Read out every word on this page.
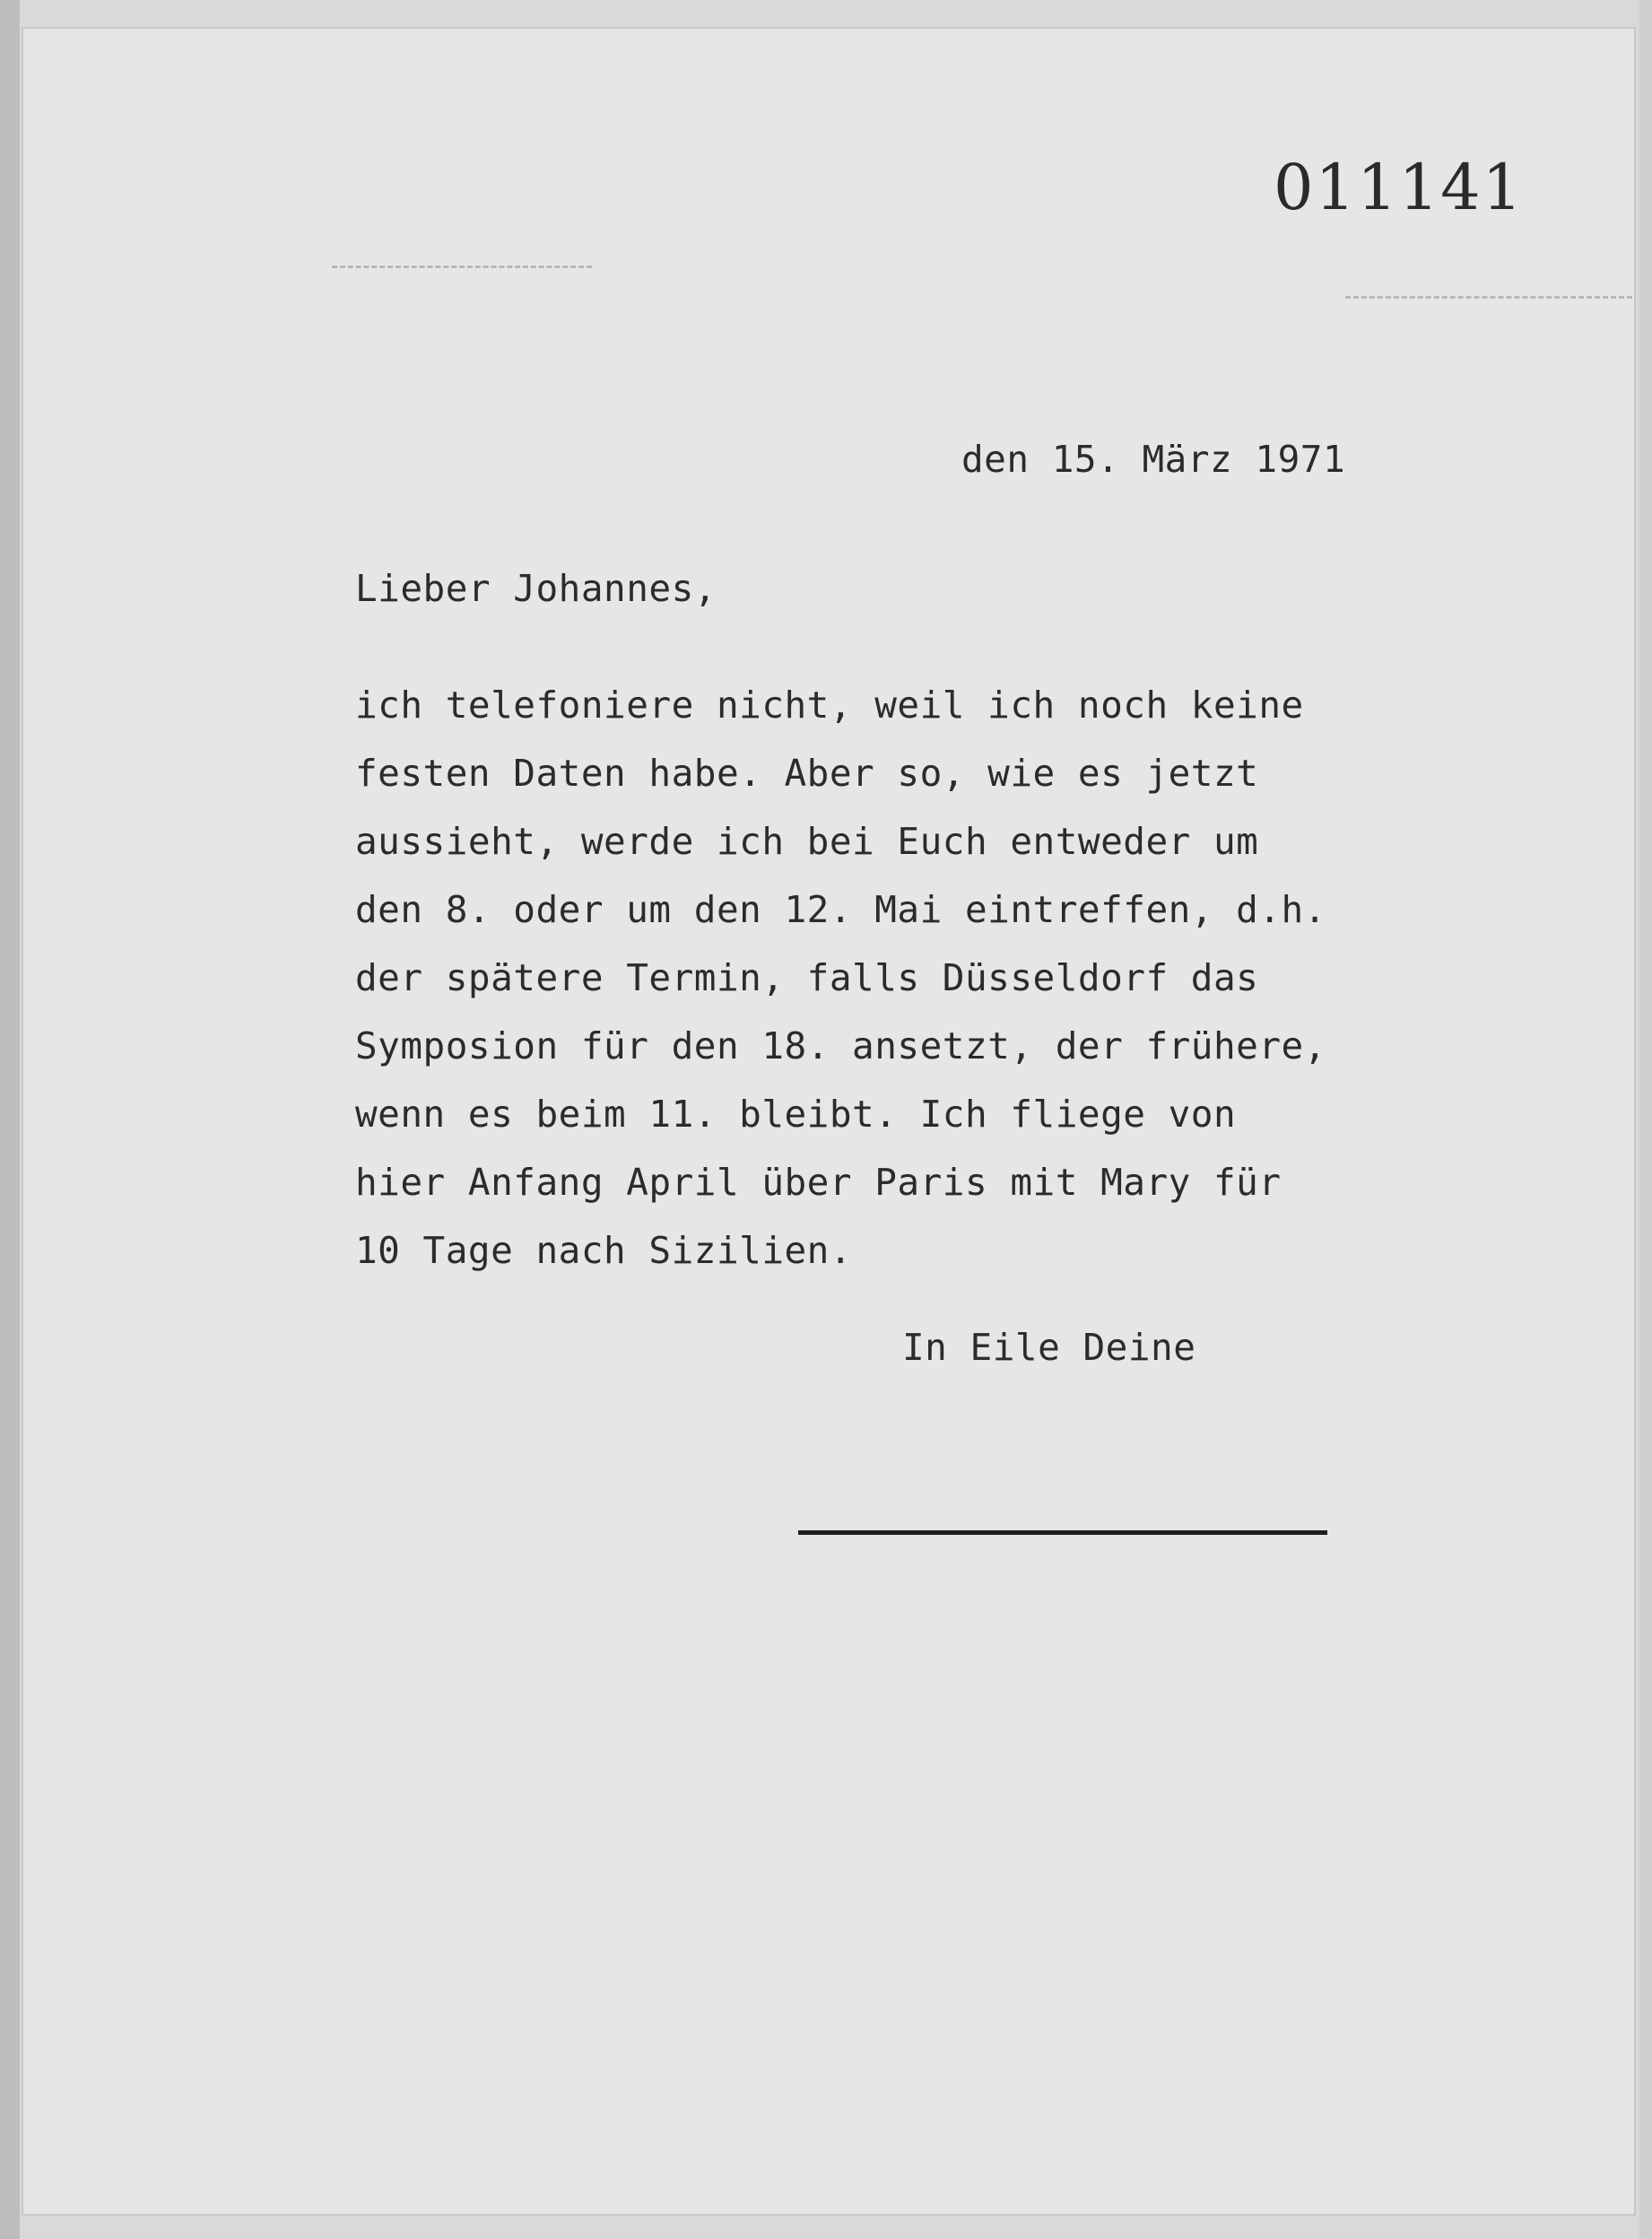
011141
den 15. März 1971
Lieber Johannes,
ich telefoniere nicht, weil ich noch keine
festen Daten habe. Aber so, wie es jetzt
aussieht, werde ich bei Euch entweder um
den 8. oder um den 12. Mai eintreffen, d.h.
der spätere Termin, falls Düsseldorf das
Symposion für den 18. ansetzt, der frühere,
wenn es beim 11. bleibt. Ich fliege von
hier Anfang April über Paris mit Mary für
10 Tage nach Sizilien.
In Eile Deine
